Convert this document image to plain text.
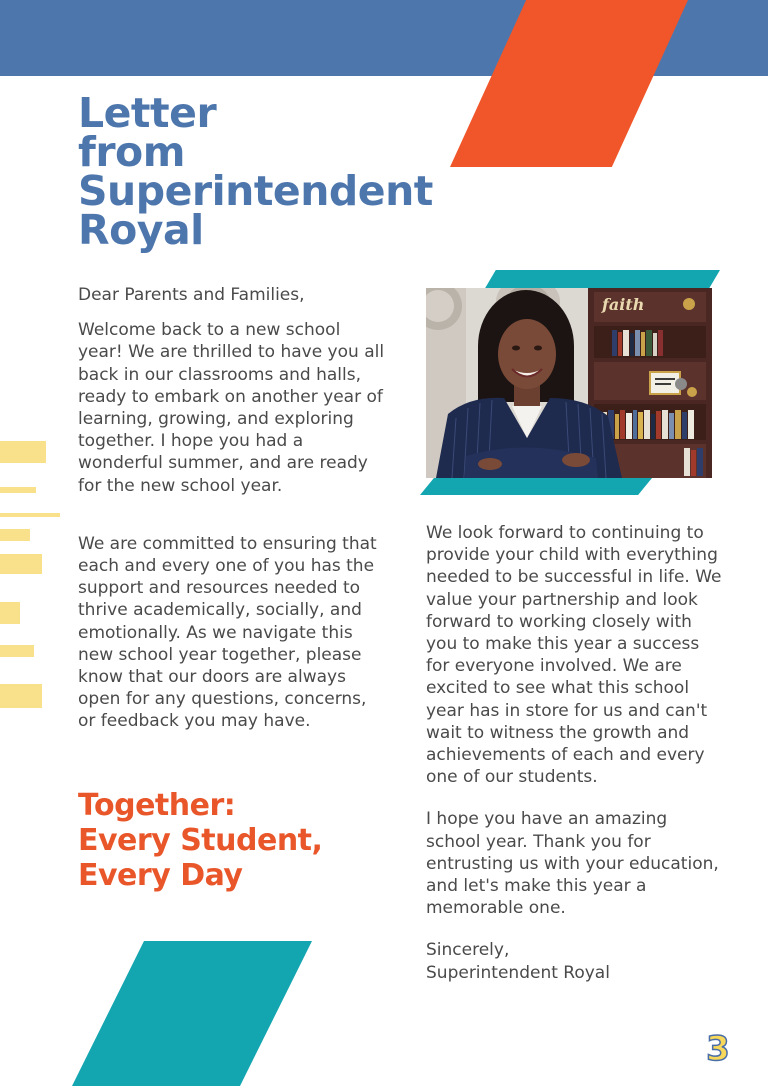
Letter
from
Superintendent
Royal

Dear Parents and Families,

Welcome back to a new school year! We are thrilled to have you all back in our classrooms and halls, ready to embark on another year of learning, growing, and exploring together. I hope you had a wonderful summer, and are ready for the new school year.

We are committed to ensuring that each and every one of you has the support and resources needed to thrive academically, socially, and emotionally. As we navigate this new school year together, please know that our doors are always open for any questions, concerns, or feedback you may have.

Together:
Every Student,
Every Day
faith

We look forward to continuing to provide your child with everything needed to be successful in life. We value your partnership and look forward to working closely with you to make this year a success for everyone involved. We are excited to see what this school year has in store for us and can't wait to witness the growth and achievements of each and every one of our students.

I hope you have an amazing school year. Thank you for entrusting us with your education, and let's make this year a memorable one.

Sincerely,

Superintendent Royal

3
